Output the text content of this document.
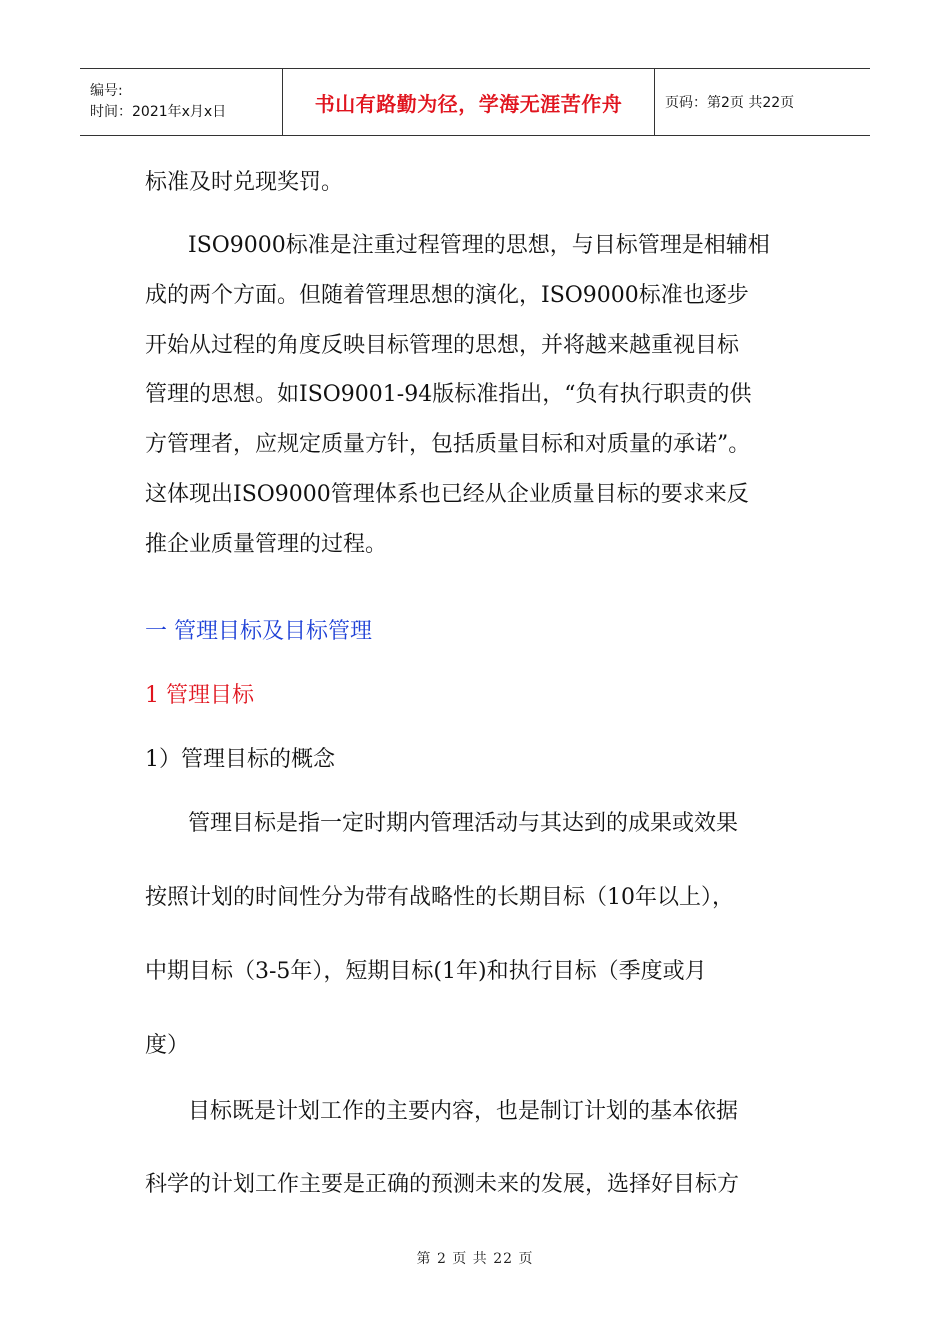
编号:
时间：2021年x月x日	书山有路勤为径，学海无涯苦作舟	页码：第2页 共22页
标准及时兑现奖罚。
ISO9000标准是注重过程管理的思想，与目标管理是相辅相
成的两个方面。但随着管理思想的演化，ISO9000标准也逐步
开始从过程的角度反映目标管理的思想，并将越来越重视目标
管理的思想。如ISO9001-94版标准指出，“负有执行职责的供
方管理者，应规定质量方针，包括质量目标和对质量的承诺”。
这体现出ISO9000管理体系也已经从企业质量目标的要求来反
推企业质量管理的过程。
一 管理目标及目标管理
1 管理目标
1）管理目标的概念
管理目标是指一定时期内管理活动与其达到的成果或效果
按照计划的时间性分为带有战略性的长期目标（10年以上），
中期目标（3-5年），短期目标(1年)和执行目标（季度或月
度）
目标既是计划工作的主要内容，也是制订计划的基本依据
科学的计划工作主要是正确的预测未来的发展，选择好目标方
第 2 页 共 22 页
